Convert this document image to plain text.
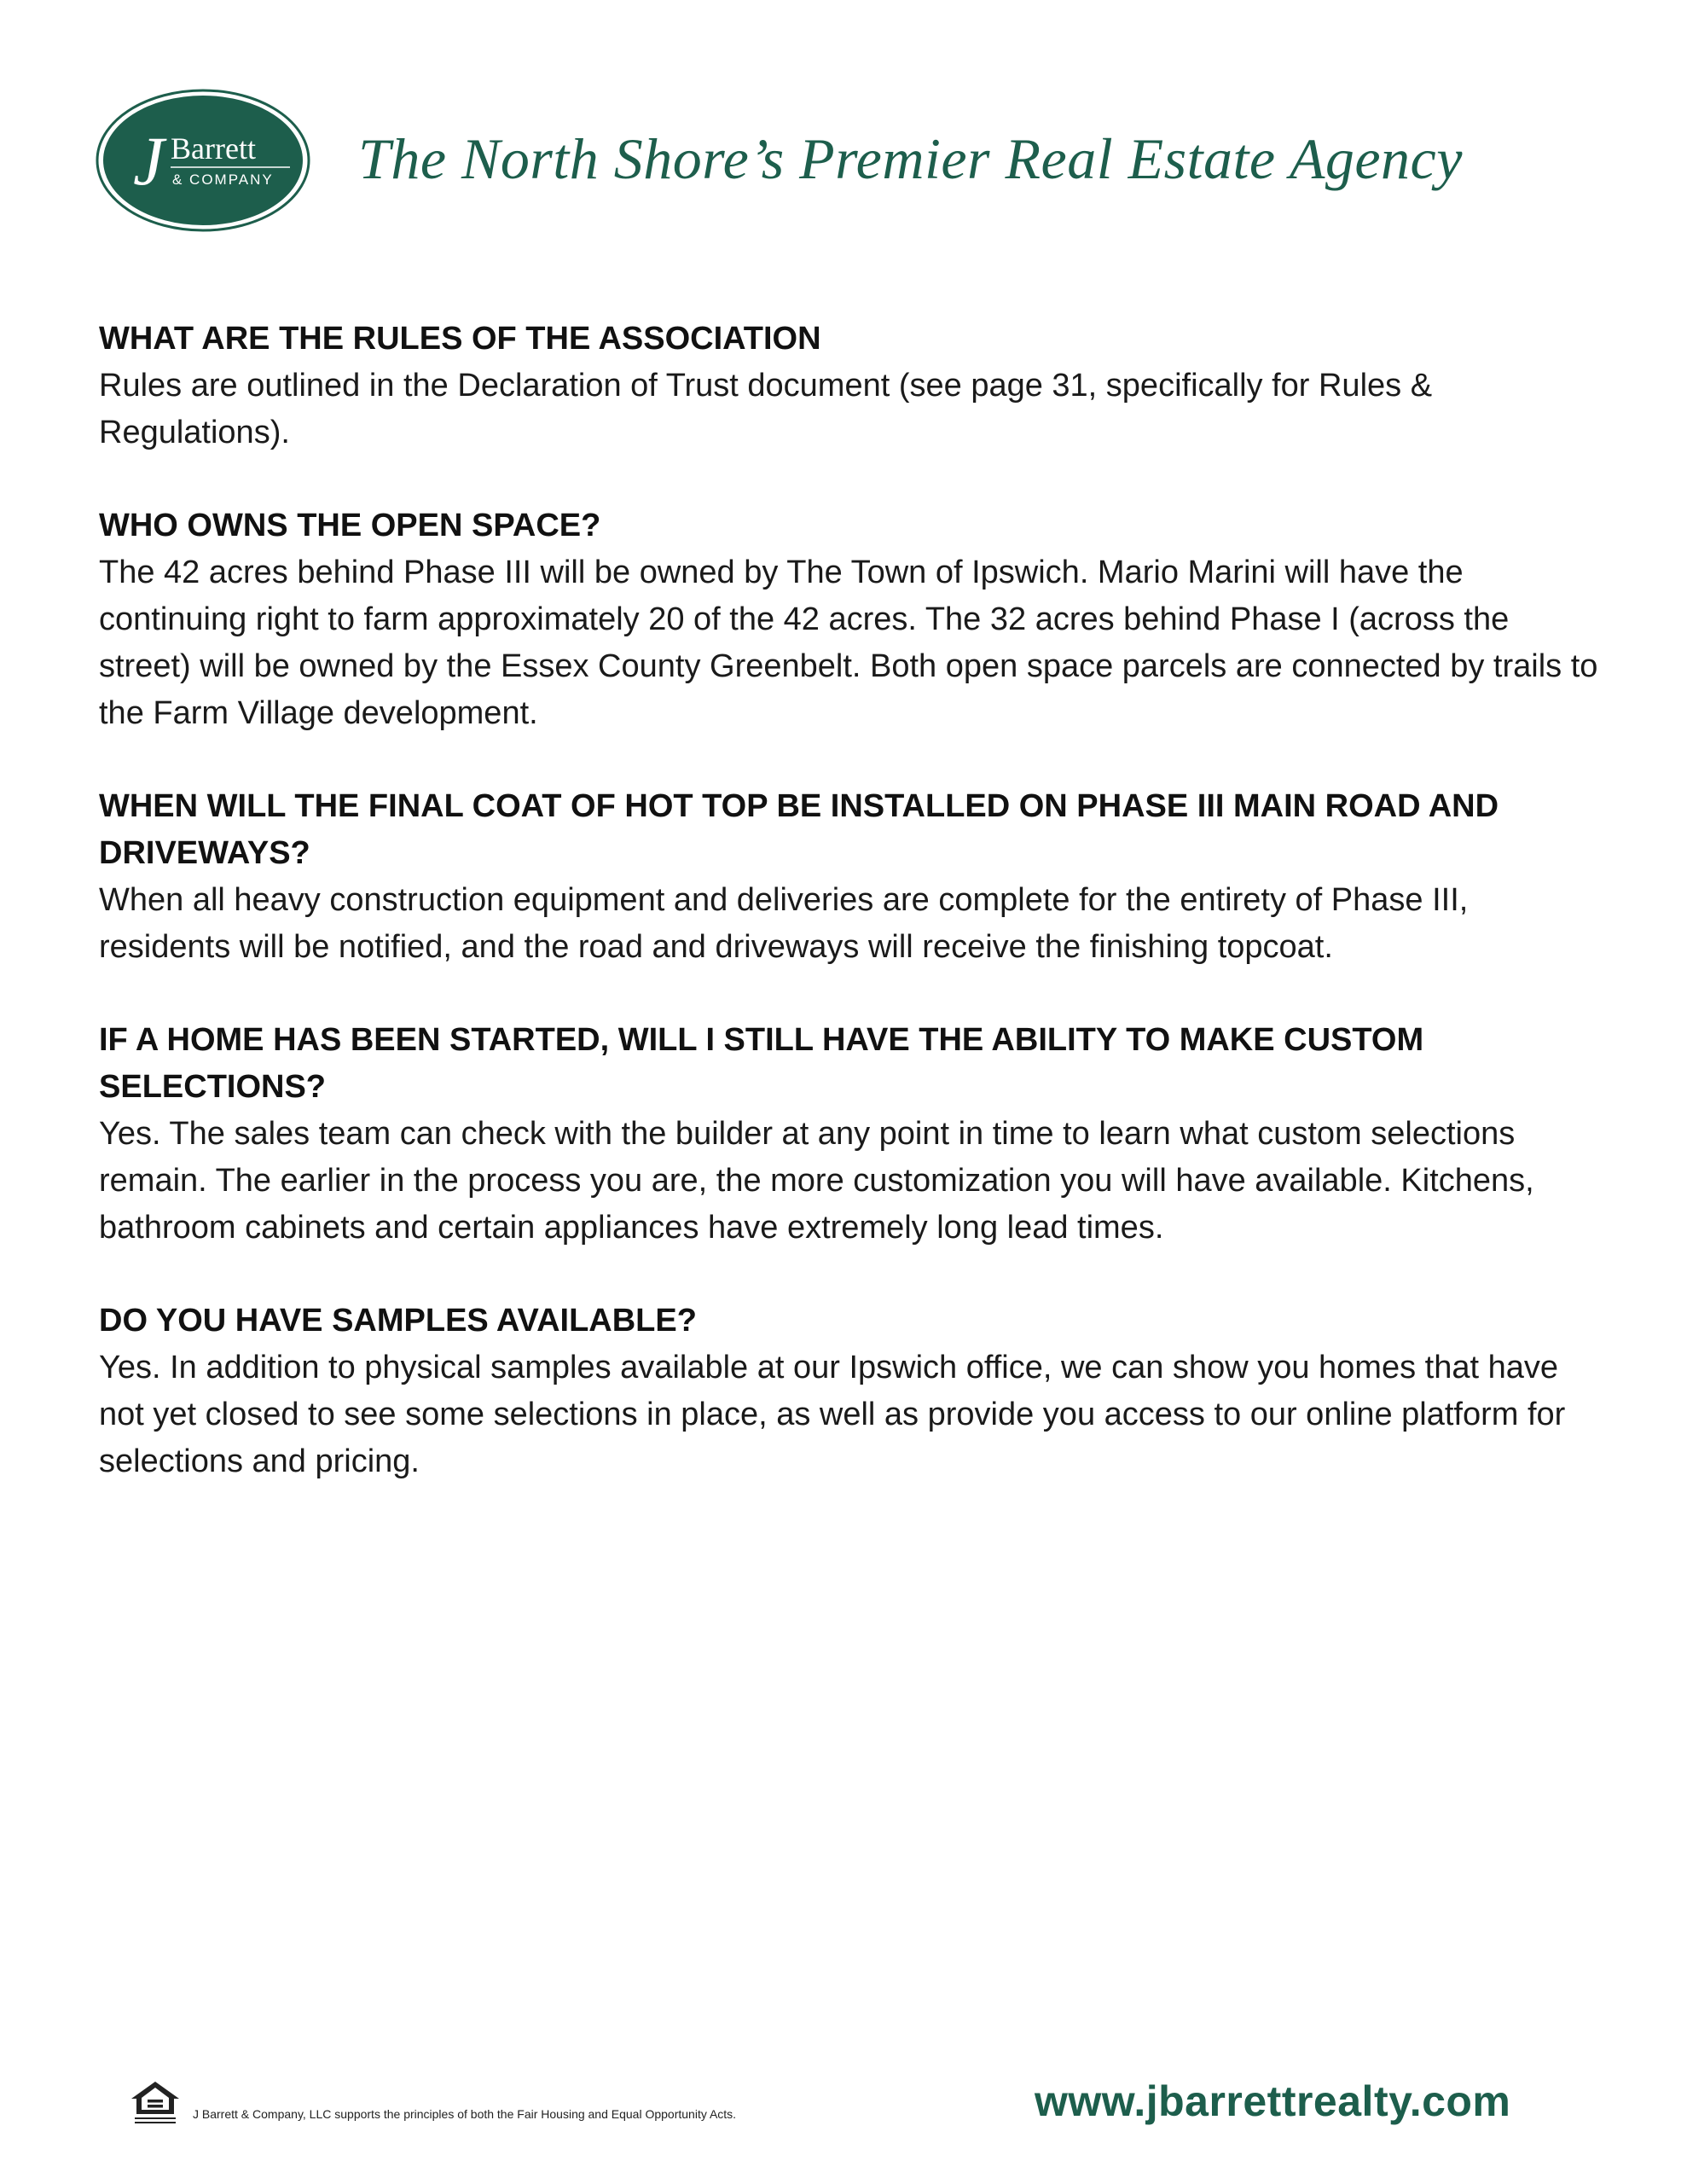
J Barrett
& COMPANY The North Shore’s Premier Real Estate Agency
WHAT ARE THE RULES OF THE ASSOCIATION

Rules are outlined in the Declaration of Trust document (see page 31, specifically for Rules & Regulations).

WHO OWNS THE OPEN SPACE?

The 42 acres behind Phase III will be owned by The Town of Ipswich. Mario Marini will have the continuing right to farm approximately 20 of the 42 acres. The 32 acres behind Phase I (across the street) will be owned by the Essex County Greenbelt. Both open space parcels are connected by trails to the Farm Village development.

WHEN WILL THE FINAL COAT OF HOT TOP BE INSTALLED ON PHASE III MAIN ROAD AND DRIVEWAYS?

When all heavy construction equipment and deliveries are complete for the entirety of Phase III, residents will be notified, and the road and driveways will receive the finishing topcoat.

IF A HOME HAS BEEN STARTED, WILL I STILL HAVE THE ABILITY TO MAKE CUSTOM SELECTIONS?

Yes. The sales team can check with the builder at any point in time to learn what custom selections remain. The earlier in the process you are, the more customization you will have available. Kitchens, bathroom cabinets and certain appliances have extremely long lead times.

DO YOU HAVE SAMPLES AVAILABLE?

Yes. In addition to physical samples available at our Ipswich office, we can show you homes that have not yet closed to see some selections in place, as well as provide you access to our online platform for selections and pricing.

J Barrett & Company, LLC supports the principles of both the Fair Housing and Equal Opportunity Acts.	www.jbarrettrealty.com
